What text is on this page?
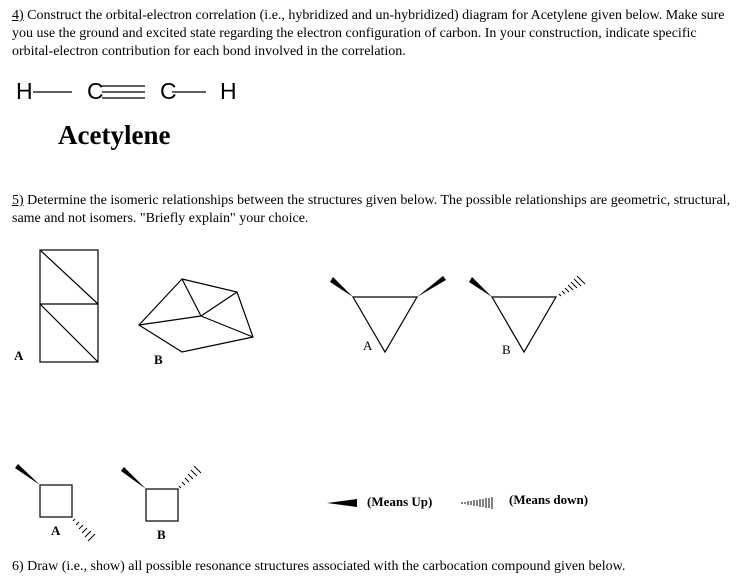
4) Construct the orbital-electron correlation (i.e., hybridized and un-hybridized) diagram for Acetylene given below. Make sure you use the ground and excited state regarding the electron configuration of carbon. In your construction, indicate specific orbital-electron contribution for each bond involved in the correlation.

H C C H
Acetylene

5) Determine the isomeric relationships between the structures given below. The possible relationships are geometric, structural, same and not isomers. "Briefly explain" your choice.

A	B
A	B
A	B
(Means Up)	(Means down)

6) Draw (i.e., show) all possible resonance structures associated with the carbocation compound given below.
